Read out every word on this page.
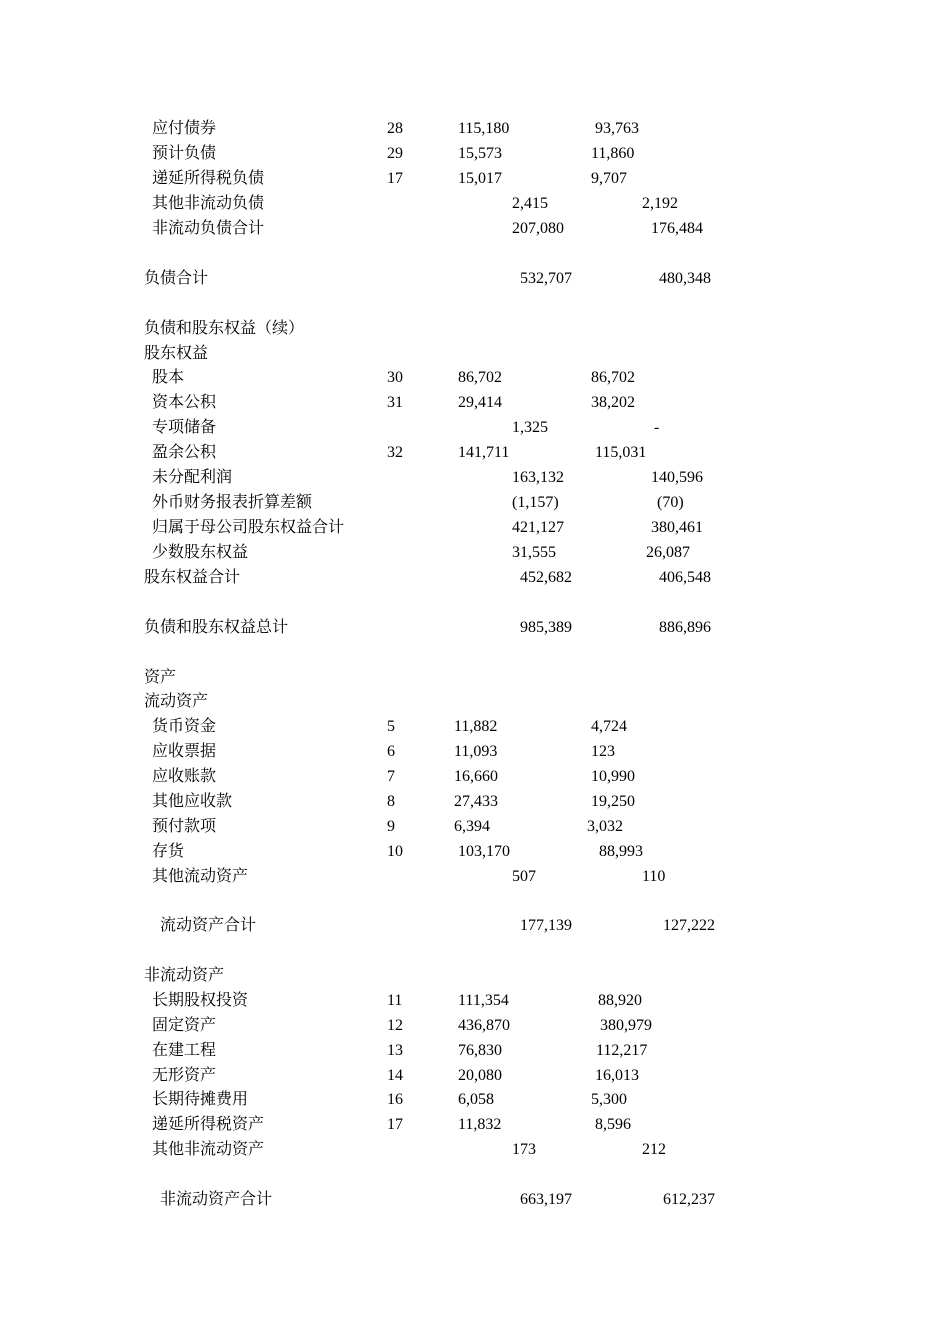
应付债券	28	115,180	93,763
预计负债	29	15,573	11,860
递延所得税负债	17	15,017	9,707
其他非流动负债	2,415	2,192
非流动负债合计	207,080	176,484
负债合计	532,707	480,348
负债和股东权益（续）
股东权益
股本	30	86,702	86,702
资本公积	31	29,414	38,202
专项储备	1,325	-
盈余公积	32	141,711	115,031
未分配利润	163,132	140,596
外币财务报表折算差额	(1,157)	(70)
归属于母公司股东权益合计	421,127	380,461
少数股东权益	31,555	26,087
股东权益合计	452,682	406,548
负债和股东权益总计	985,389	886,896
资产
流动资产
货币资金	5	11,882	4,724
应收票据	6	11,093	123
应收账款	7	16,660	10,990
其他应收款	8	27,433	19,250
预付款项	9	6,394	3,032
存货	10	103,170	88,993
其他流动资产	507	110
流动资产合计	177,139	127,222
非流动资产
长期股权投资	11	111,354	88,920
固定资产	12	436,870	380,979
在建工程	13	76,830	112,217
无形资产	14	20,080	16,013
长期待摊费用	16	6,058	5,300
递延所得税资产	17	11,832	8,596
其他非流动资产	173	212
非流动资产合计	663,197	612,237
